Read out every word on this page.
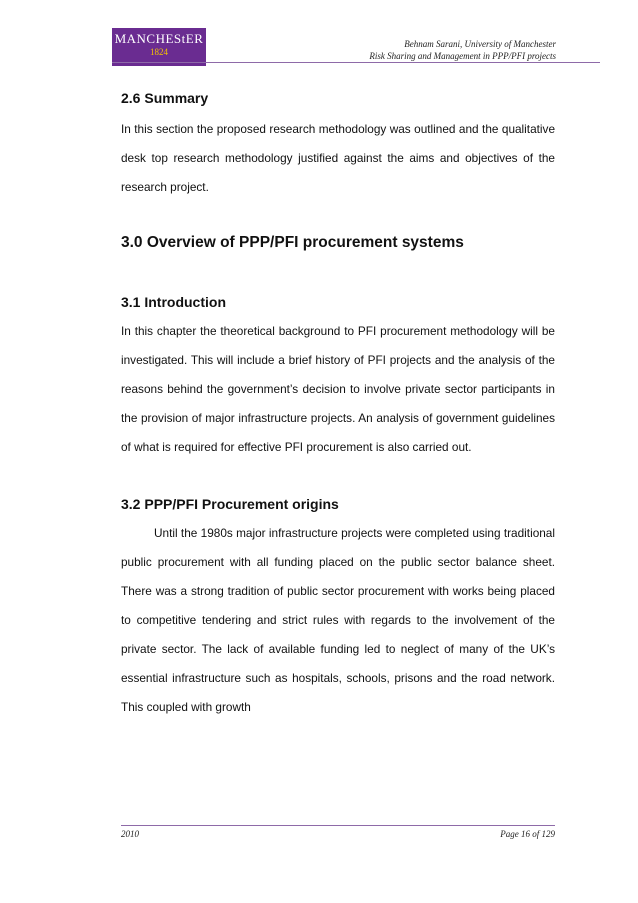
MANCHEStER
1824
Behnam Sarani, University of Manchester
Risk Sharing and Management in PPP/PFI projects
2.6 Summary

In this section the proposed research methodology was outlined and the qualitative desk top research methodology justified against the aims and objectives of the research project.

3.0 Overview of PPP/PFI procurement systems
3.1 Introduction

In this chapter the theoretical background to PFI procurement methodology will be investigated. This will include a brief history of PFI projects and the analysis of the reasons behind the government’s decision to involve private sector participants in the provision of major infrastructure projects. An analysis of government guidelines of what is required for effective PFI procurement is also carried out.

3.2 PPP/PFI Procurement origins

Until the 1980s major infrastructure projects were completed using traditional public procurement with all funding placed on the public sector balance sheet. There was a strong tradition of public sector procurement with works being placed to competitive tendering and strict rules with regards to the involvement of the private sector. The lack of available funding led to neglect of many of the UK’s essential infrastructure such as hospitals, schools, prisons and the road network. This coupled with growth

2010	Page 16 of 129
